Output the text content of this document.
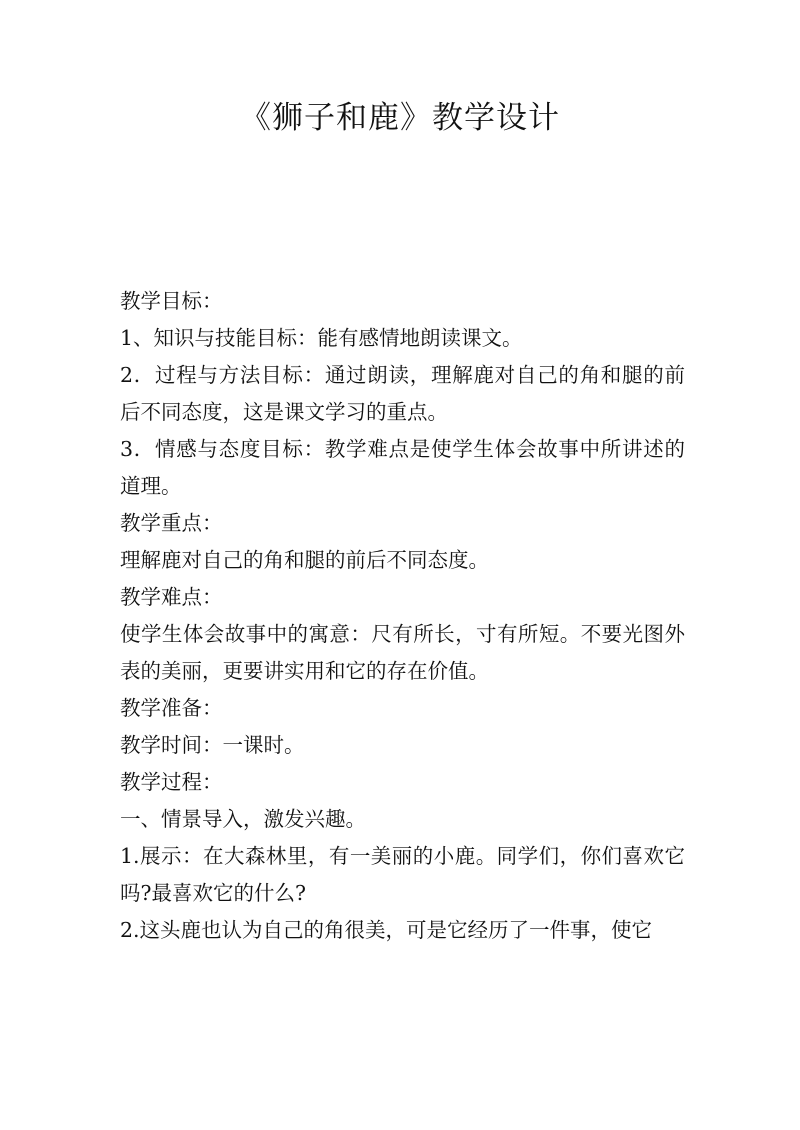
《狮子和鹿》教学设计

教学目标：

1、知识与技能目标：能有感情地朗读课文。

2．过程与方法目标：通过朗读，理解鹿对自己的角和腿的前后不同态度，这是课文学习的重点。

3．情感与态度目标：教学难点是使学生体会故事中所讲述的道理。

教学重点：

理解鹿对自己的角和腿的前后不同态度。

教学难点：

使学生体会故事中的寓意：尺有所长，寸有所短。不要光图外表的美丽，更要讲实用和它的存在价值。

教学准备：

教学时间：一课时。

教学过程：

一、情景导入，激发兴趣。

1.展示：在大森林里，有一美丽的小鹿。同学们，你们喜欢它吗?最喜欢它的什么?

2.这头鹿也认为自己的角很美，可是它经历了一件事，使它
